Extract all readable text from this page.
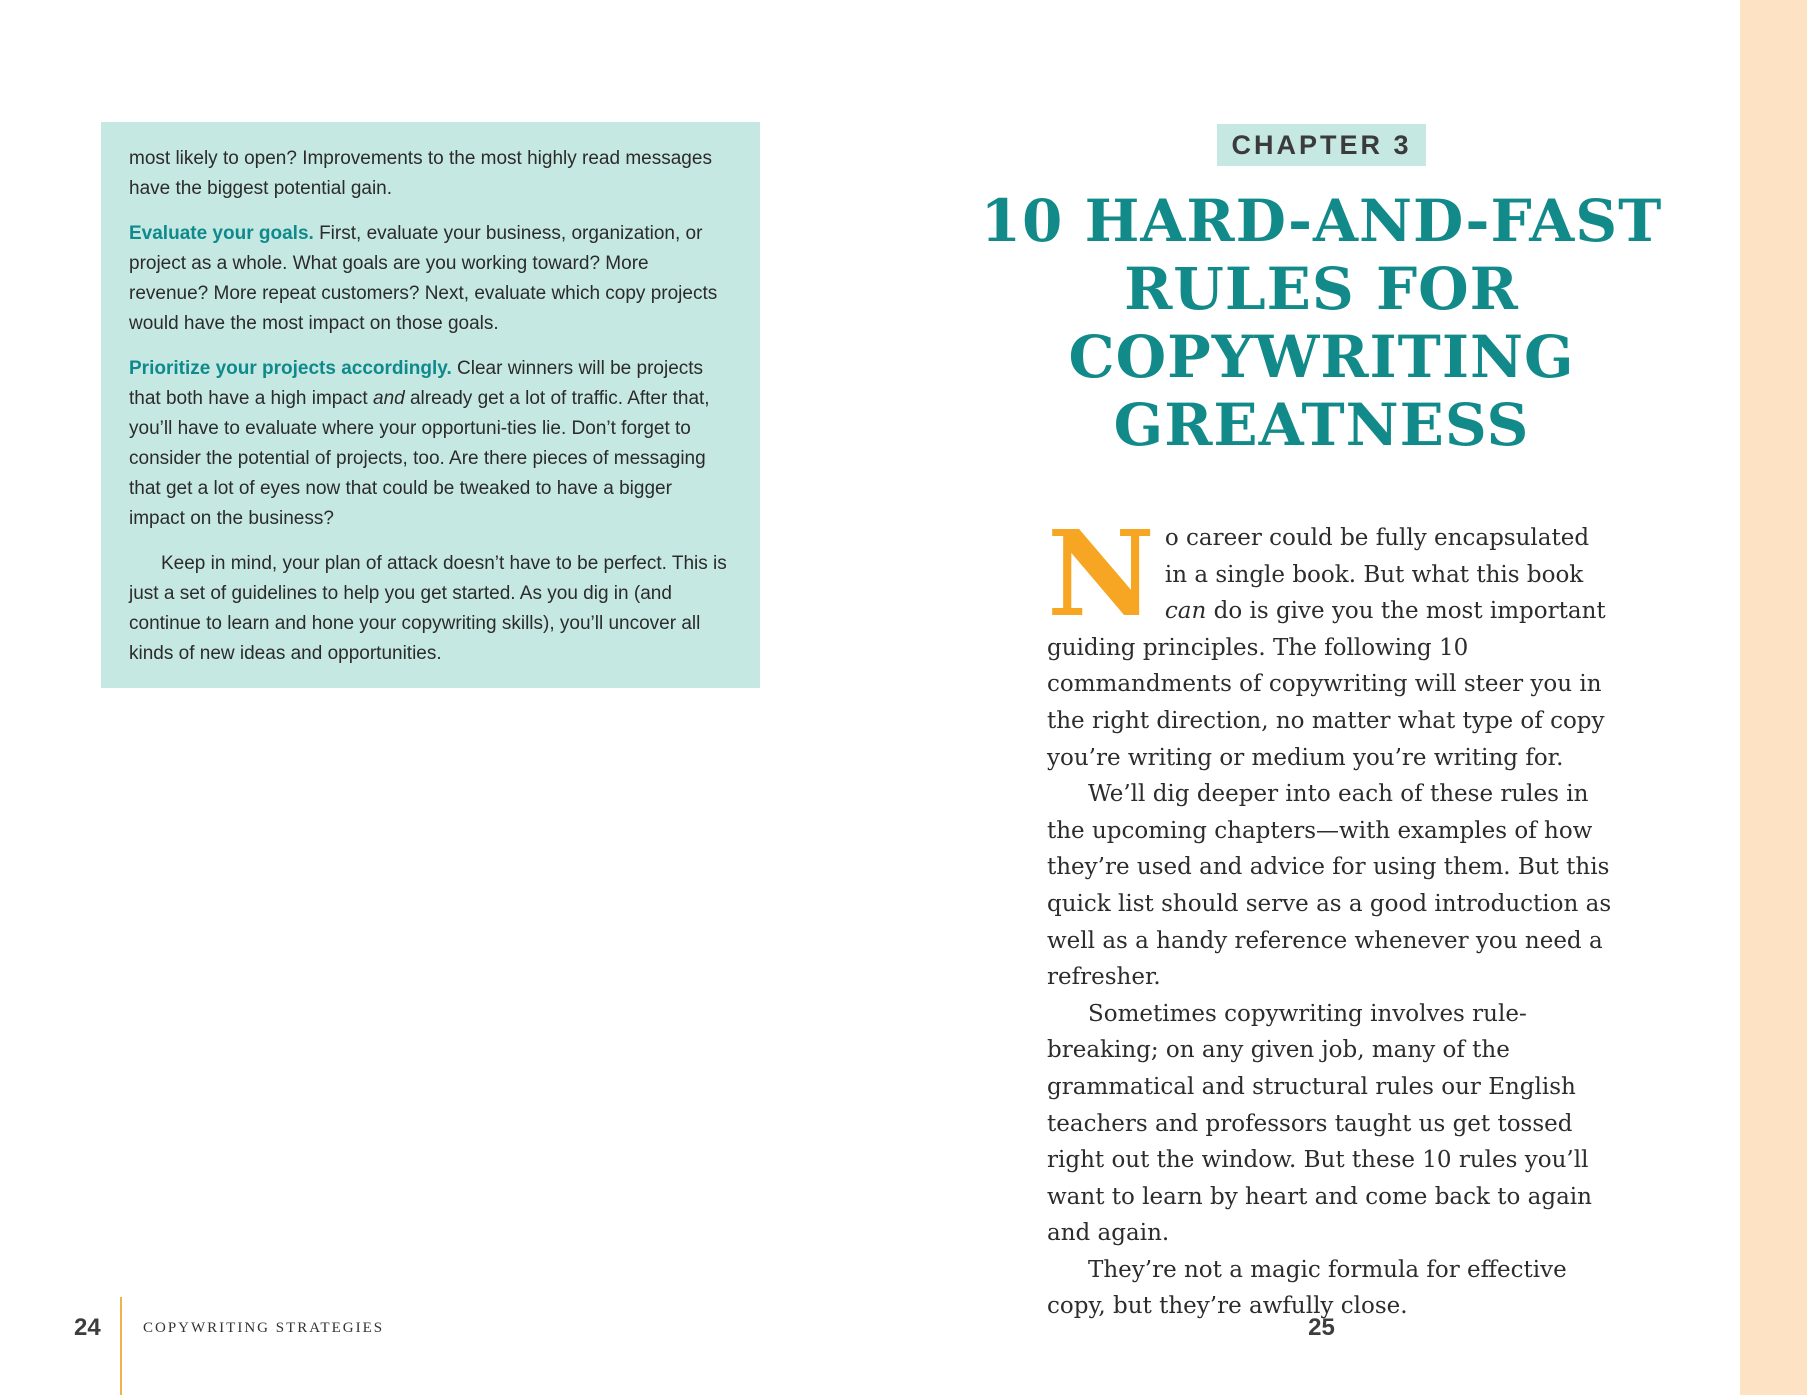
most likely to open? Improvements to the most highly read messages have the biggest potential gain.

Evaluate your goals. First, evaluate your business, organization, or project as a whole. What goals are you working toward? More revenue? More repeat customers? Next, evaluate which copy projects would have the most impact on those goals.

Prioritize your projects accordingly. Clear winners will be projects that both have a high impact and already get a lot of traffic. After that, you’ll have to evaluate where your opportuni-ties lie. Don’t forget to consider the potential of projects, too. Are there pieces of messaging that get a lot of eyes now that could be tweaked to have a bigger impact on the business?

Keep in mind, your plan of attack doesn’t have to be perfect. This is just a set of guidelines to help you get started. As you dig in (and continue to learn and hone your copywriting skills), you’ll uncover all kinds of new ideas and opportunities.

24	COPYWRITING STRATEGIES
CHAPTER 3
10 HARD-AND-FAST
RULES FOR
COPYWRITING
GREATNESS

No career could be fully encapsulated in a single book. But what this book can do is give you the most important guiding principles. The following 10 commandments of copywriting will steer you in the right direction, no matter what type of copy you’re writing or medium you’re writing for.

We’ll dig deeper into each of these rules in the upcoming chapters—with examples of how they’re used and advice for using them. But this quick list should serve as a good introduction as well as a handy reference whenever you need a refresher.

Sometimes copywriting involves rule-breaking; on any given job, many of the grammatical and structural rules our English teachers and professors taught us get tossed right out the window. But these 10 rules you’ll want to learn by heart and come back to again and again.

They’re not a magic formula for effective copy, but they’re awfully close.

25
